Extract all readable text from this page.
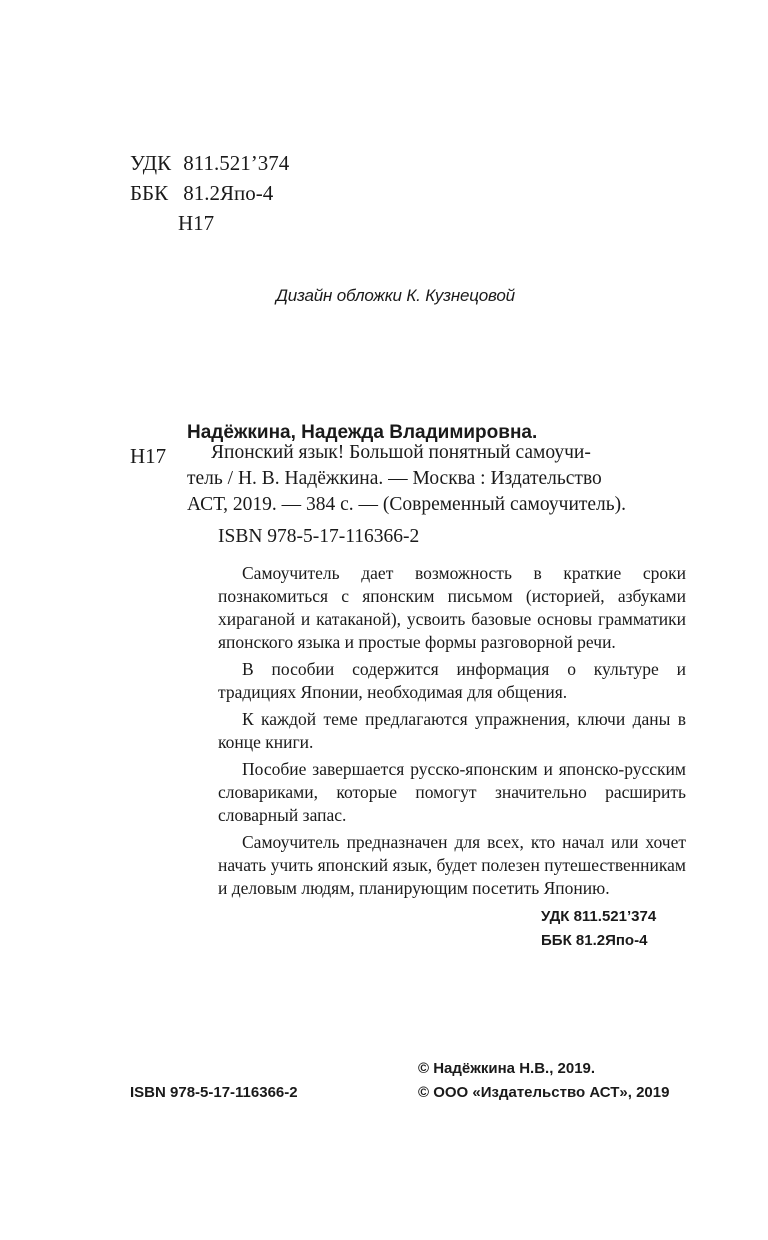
УДК 811.521’374
ББК 81.2Япо-4
Н17
Дизайн обложки К. Кузнецовой
Надёжкина, Надежда Владимировна.
Н17	Японский язык! Большой понятный самоучи-
тель / Н. В. Надёжкина. — Москва : Издательство
АСТ, 2019. — 384 с. — (Современный самоучитель).
ISBN 978-5-17-116366-2

Самоучитель дает возможность в краткие сроки познакомиться с японским письмом (историей, азбуками хираганой и катаканой), усвоить базовые основы грамматики японского языка и простые формы разговорной речи.

В пособии содержится информация о культуре и традициях Японии, необходимая для общения.

К каждой теме предлагаются упражнения, ключи даны в конце книги.

Пособие завершается русско-японским и японско-русским словариками, которые помогут значительно расширить словарный запас.

Самоучитель предназначен для всех, кто начал или хочет начать учить японский язык, будет полезен путешественникам и деловым людям, планирующим посетить Японию.

УДК 811.521’374
ББК 81.2Япо-4
© Надёжкина Н.В., 2019.
ISBN 978-5-17-116366-2	© ООО «Издательство АСТ», 2019
